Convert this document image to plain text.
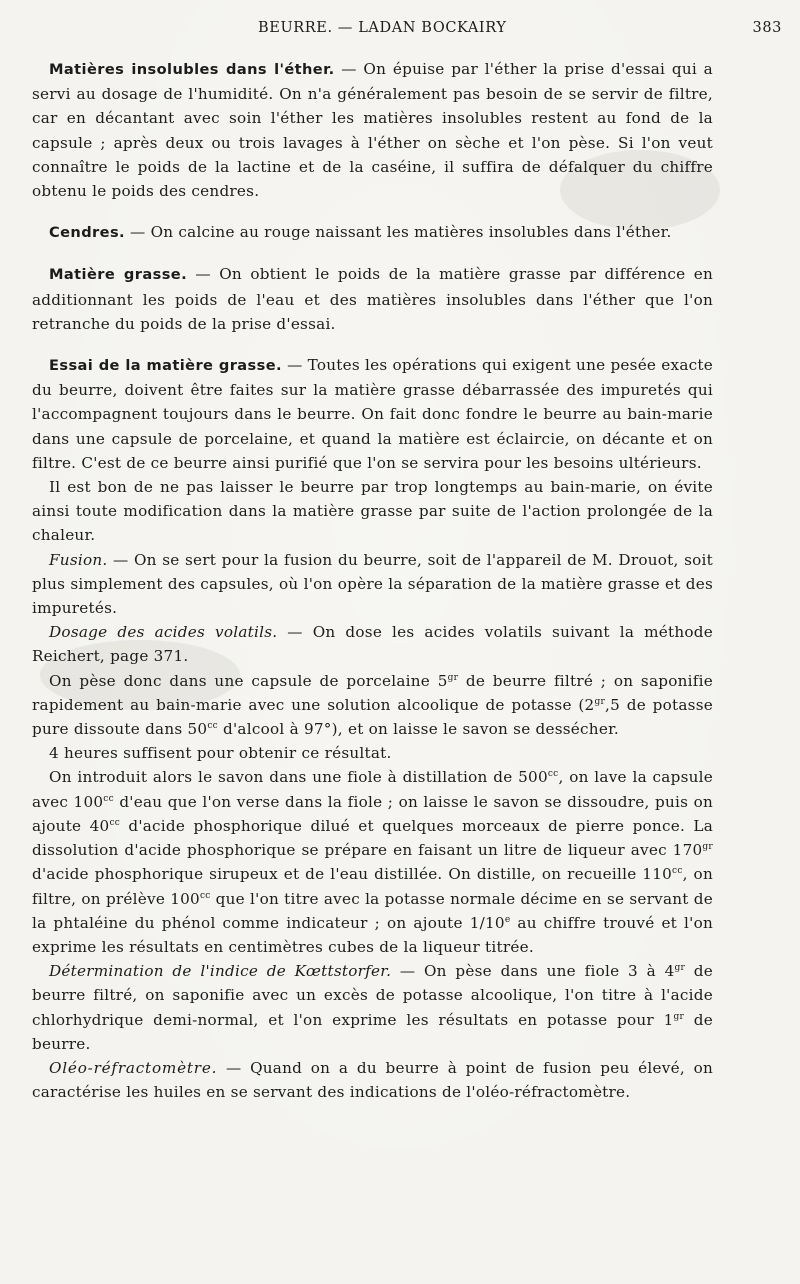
BEURRE. — LADAN BOCKAIRY	383

Matières insolubles dans l'éther. — On épuise par l'éther la prise d'essai qui a servi au dosage de l'humidité. On n'a généralement pas besoin de se servir de filtre, car en décantant avec soin l'éther les matières insolubles restent au fond de la capsule ; après deux ou trois lavages à l'éther on sèche et l'on pèse. Si l'on veut connaître le poids de la lactine et de la caséine, il suffira de défalquer du chiffre obtenu le poids des cendres.

Cendres. — On calcine au rouge naissant les matières insolubles dans l'éther.

Matière grasse. — On obtient le poids de la matière grasse par différence en additionnant les poids de l'eau et des matières insolubles dans l'éther que l'on retranche du poids de la prise d'essai.

Essai de la matière grasse. — Toutes les opérations qui exigent une pesée exacte du beurre, doivent être faites sur la matière grasse débarrassée des impuretés qui l'accompagnent toujours dans le beurre. On fait donc fondre le beurre au bain-marie dans une capsule de porcelaine, et quand la matière est éclaircie, on décante et on filtre. C'est de ce beurre ainsi purifié que l'on se servira pour les besoins ultérieurs.

Il est bon de ne pas laisser le beurre par trop longtemps au bain-marie, on évite ainsi toute modification dans la matière grasse par suite de l'action prolongée de la chaleur.

Fusion. — On se sert pour la fusion du beurre, soit de l'appareil de M. Drouot, soit plus simplement des capsules, où l'on opère la séparation de la matière grasse et des impuretés.

Dosage des acides volatils. — On dose les acides volatils suivant la méthode Reichert, page 371.

On pèse donc dans une capsule de porcelaine $5^{gr}$ de beurre filtré ; on saponifie rapidement au bain-marie avec une solution alcoolique de potasse ($2^{gr},5$ de potasse pure dissoute dans $50^{cc}$ d'alcool à 97°), et on laisse le savon se dessécher.

4 heures suffisent pour obtenir ce résultat.

On introduit alors le savon dans une fiole à distillation de $500^{cc}$, on lave la capsule avec $100^{cc}$ d'eau que l'on verse dans la fiole ; on laisse le savon se dissoudre, puis on ajoute $40^{cc}$ d'acide phosphorique dilué et quelques morceaux de pierre ponce. La dissolution d'acide phosphorique se prépare en faisant un litre de liqueur avec $170^{gr}$ d'acide phosphorique sirupeux et de l'eau distillée. On distille, on recueille $110^{cc}$, on filtre, on prélève $100^{cc}$ que l'on titre avec la potasse normale décime en se servant de la phtaléine du phénol comme indicateur ; on ajoute 1/10e au chiffre trouvé et l'on exprime les résultats en centimètres cubes de la liqueur titrée.

Détermination de l'indice de Kœttstorfer. — On pèse dans une fiole 3 à $4^{gr}$ de beurre filtré, on saponifie avec un excès de potasse alcoolique, l'on titre à l'acide chlorhydrique demi-normal, et l'on exprime les résultats en potasse pour $1^{gr}$ de beurre.

Oléo-réfractomètre. — Quand on a du beurre à point de fusion peu élevé, on caractérise les huiles en se servant des indications de l'oléo-réfractomètre.
